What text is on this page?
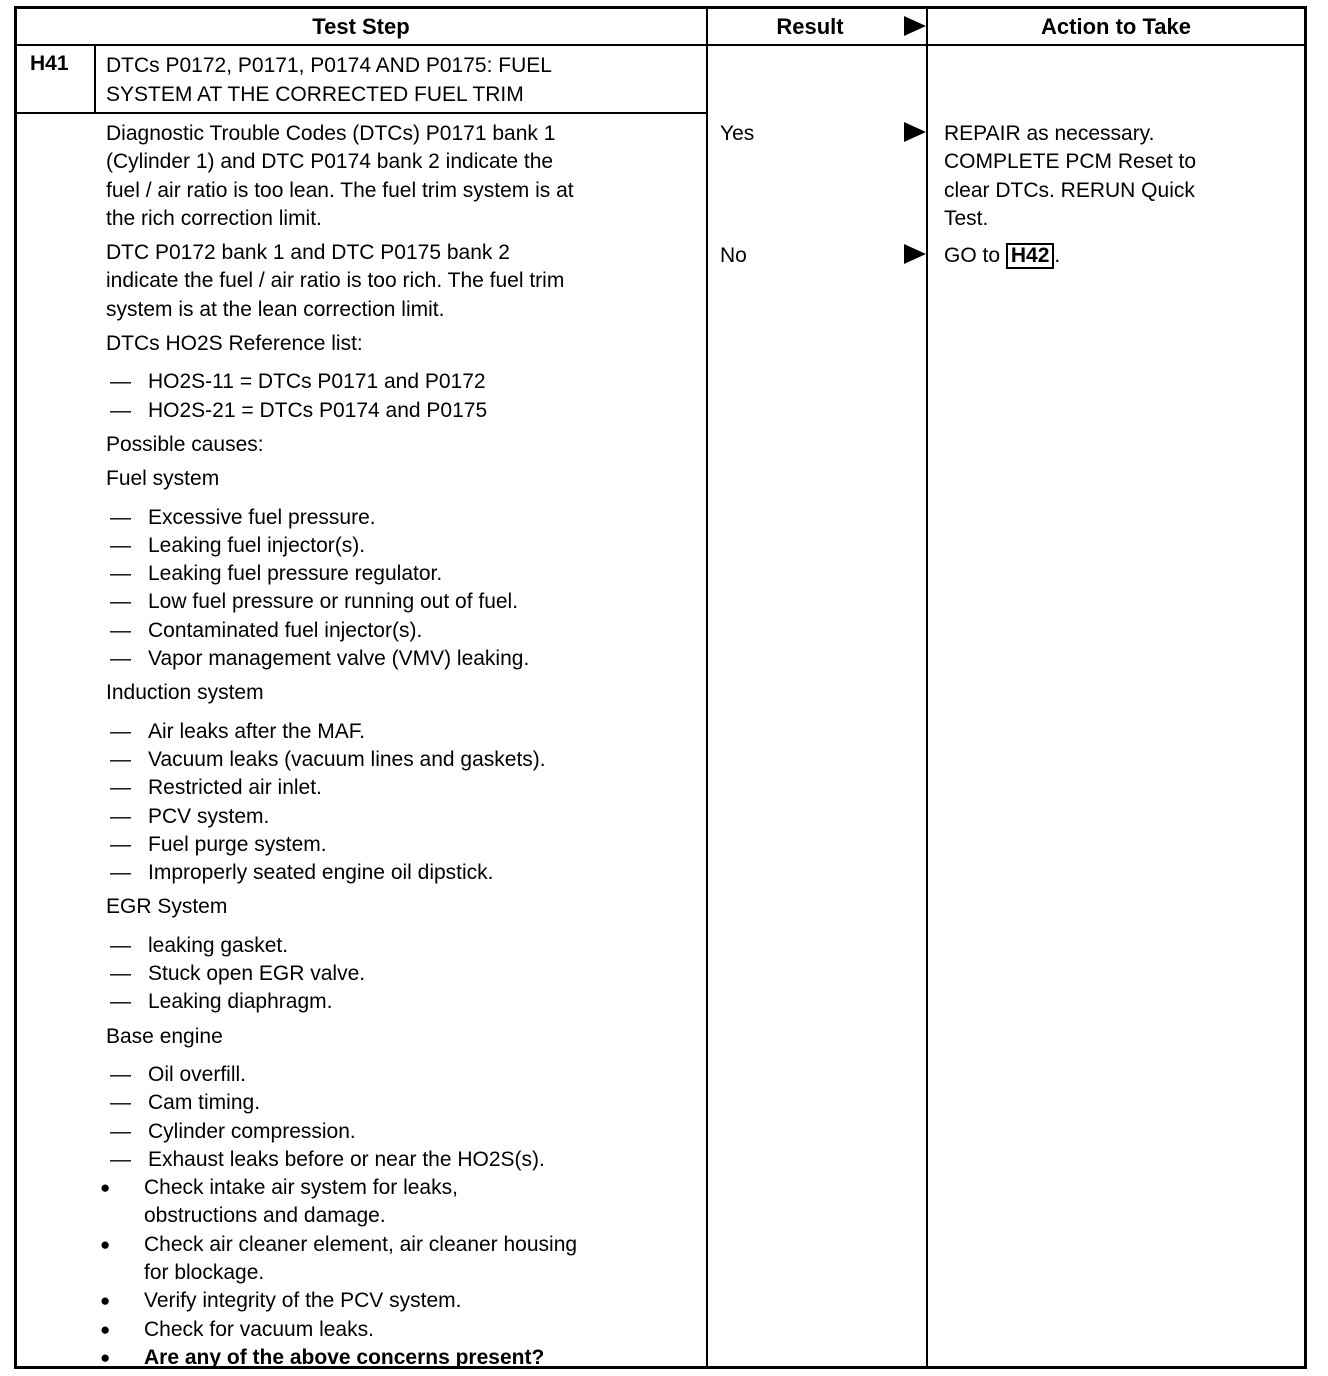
Test Step	Result	Action to Take
H41 DTCs P0172, P0171, P0174 AND P0175: FUEL
SYSTEM AT THE CORRECTED FUEL TRIM
Diagnostic Trouble Codes (DTCs) P0171 bank 1
(Cylinder 1) and DTC P0174 bank 2 indicate the
fuel / air ratio is too lean. The fuel trim system is at
the rich correction limit.
DTC P0172 bank 1 and DTC P0175 bank 2
indicate the fuel / air ratio is too rich. The fuel trim
system is at the lean correction limit.
DTCs HO2S Reference list:
— HO2S-11 = DTCs P0171 and P0172
— HO2S-21 = DTCs P0174 and P0175
Possible causes:
Fuel system
— Excessive fuel pressure.
— Leaking fuel injector(s).
— Leaking fuel pressure regulator.
— Low fuel pressure or running out of fuel.
— Contaminated fuel injector(s).
— Vapor management valve (VMV) leaking.
Induction system
— Air leaks after the MAF.
— Vacuum leaks (vacuum lines and gaskets).
— Restricted air inlet.
— PCV system.
— Fuel purge system.
— Improperly seated engine oil dipstick.
EGR System
— leaking gasket.
— Stuck open EGR valve.
— Leaking diaphragm.
Base engine
— Oil overfill.
— Cam timing.
— Cylinder compression.
— Exhaust leaks before or near the HO2S(s).
● Check intake air system for leaks,
obstructions and damage.
● Check air cleaner element, air cleaner housing
for blockage.
● Verify integrity of the PCV system.
● Check for vacuum leaks.
● Are any of the above concerns present?
Yes
No
REPAIR as necessary.
COMPLETE PCM Reset to
clear DTCs. RERUN Quick
Test.
GO to H42 .
